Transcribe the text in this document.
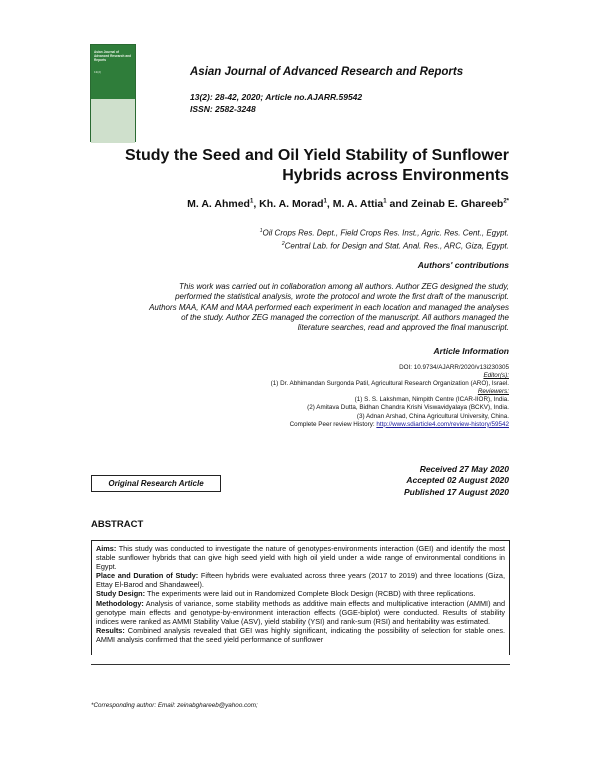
Asian Journal of Advanced Research and Reports
13(2)	Asian Journal of Advanced Research and Reports
13(2): 28-42, 2020; Article no.AJARR.59542
ISSN: 2582-3248
Study the Seed and Oil Yield Stability of Sunflower
Hybrids across Environments
M. A. Ahmed$^1$, Kh. A. Morad$^1$, M. A. Attia$^1$ and Zeinab E. Ghareeb$^{2*}$
$^1$Oil Crops Res. Dept., Field Crops Res. Inst., Agric. Res. Cent., Egypt.
$^2$Central Lab. for Design and Stat. Anal. Res., ARC, Giza, Egypt.
Authors' contributions
This work was carried out in collaboration among all authors. Author ZEG designed the study,
performed the statistical analysis, wrote the protocol and wrote the first draft of the manuscript.
Authors MAA, KAM and MAA performed each experiment in each location and managed the analyses
of the study. Author ZEG managed the correction of the manuscript. All authors managed the
literature searches, read and approved the final manuscript.
Article Information
DOI: 10.9734/AJARR/2020/v13i230305
Editor(s):
(1) Dr. Abhimandan Surgonda Patil, Agricultural Research Organization (ARO), Israel.
Reviewers:
(1) S. S. Lakshman, Nimpith Centre (ICAR-IIOR), India.
(2) Amitava Dutta, Bidhan Chandra Krishi Viswavidyalaya (BCKV), India.
(3) Adnan Arshad, China Agricultural University, China.
Complete Peer review History: http://www.sdiarticle4.com/review-history/59542
Received 27 May 2020
Accepted 02 August 2020
Published 17 August 2020
Original Research Article
ABSTRACT

Aims: This study was conducted to investigate the nature of genotypes-environments interaction (GEI) and identify the most stable sunflower hybrids that can give high seed yield with high oil yield under a wide range of environmental conditions in Egypt.

Place and Duration of Study: Fifteen hybrids were evaluated across three years (2017 to 2019) and three locations (Giza, Ettay El-Barod and Shandaweel).

Study Design: The experiments were laid out in Randomized Complete Block Design (RCBD) with three replications.

Methodology: Analysis of variance, some stability methods as additive main effects and multiplicative interaction (AMMI) and genotype main effects and genotype-by-environment interaction effects (GGE-biplot) were conducted. Results of stability indices were ranked as AMMI Stability Value (ASV), yield stability (YSI) and rank-sum (RSI) and heritability was estimated.

Results: Combined analysis revealed that GEI was highly significant, indicating the possibility of selection for stable ones. AMMI analysis confirmed that the seed yield performance of sunflower

*Corresponding author: Email: zeinabghareeb@yahoo.com;
